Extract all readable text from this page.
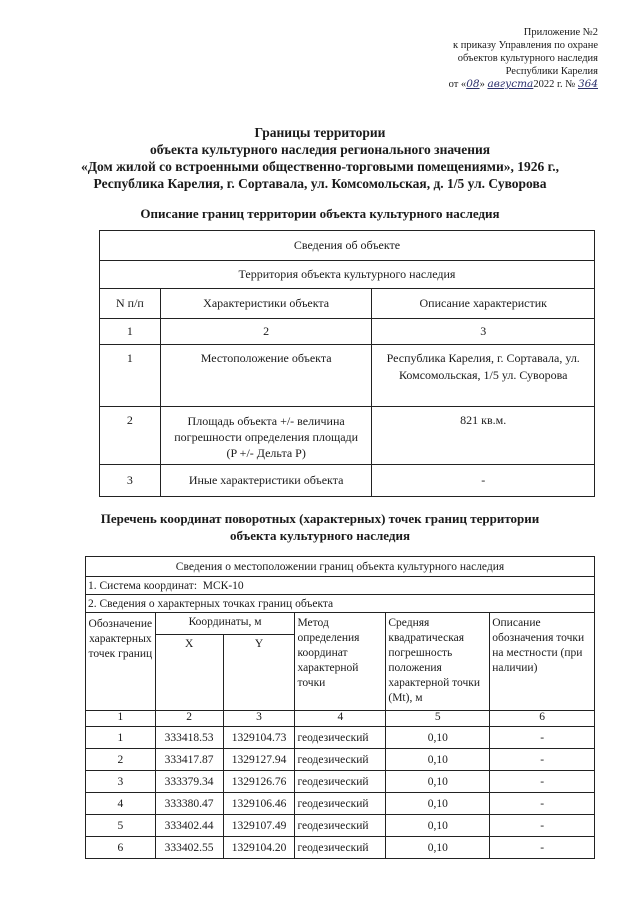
Приложение №2
к приказу Управления по охране
объектов культурного наследия
Республики Карелия
от «08» августа2022 г. № 364
Границы территории
объекта культурного наследия регионального значения
«Дом жилой со встроенными общественно-торговыми помещениями», 1926 г.,
Республика Карелия, г. Сортавала, ул. Комсомольская, д. 1/5 ул. Суворова
Описание границ территории объекта культурного наследия
Сведения об объекте		
Территория объекта культурного наследия		
N п/п	Характеристики объекта	Описание характеристик
1	2	3
1	Местоположение объекта	Республика Карелия, г. Сортавала, ул. Комсомольская, 1/5 ул. Суворова
2	Площадь объекта +/- величина погрешности определения площади (P +/- Дельта P)	821 кв.м.
3	Иные характеристики объекта	-
Перечень координат поворотных (характерных) точек границ территории
объекта культурного наследия
Сведения о местоположении границ объекта культурного наследия					
1. Система координат: МСК-10					
2. Сведения о характерных точках границ объекта					
Обозначение характерных точек границ	Координаты, м		Метод определения координат характерной точки	Средняя квадратическая погрешность положения характерной точки (Mt), м	Описание обозначения точки на местности (при наличии)
	X	Y			
1	2	3	4	5	6
1	333418.53	1329104.73	геодезический	0,10	-
2	333417.87	1329127.94	геодезический	0,10	-
3	333379.34	1329126.76	геодезический	0,10	-
4	333380.47	1329106.46	геодезический	0,10	-
5	333402.44	1329107.49	геодезический	0,10	-
6	333402.55	1329104.20	геодезический	0,10	-
